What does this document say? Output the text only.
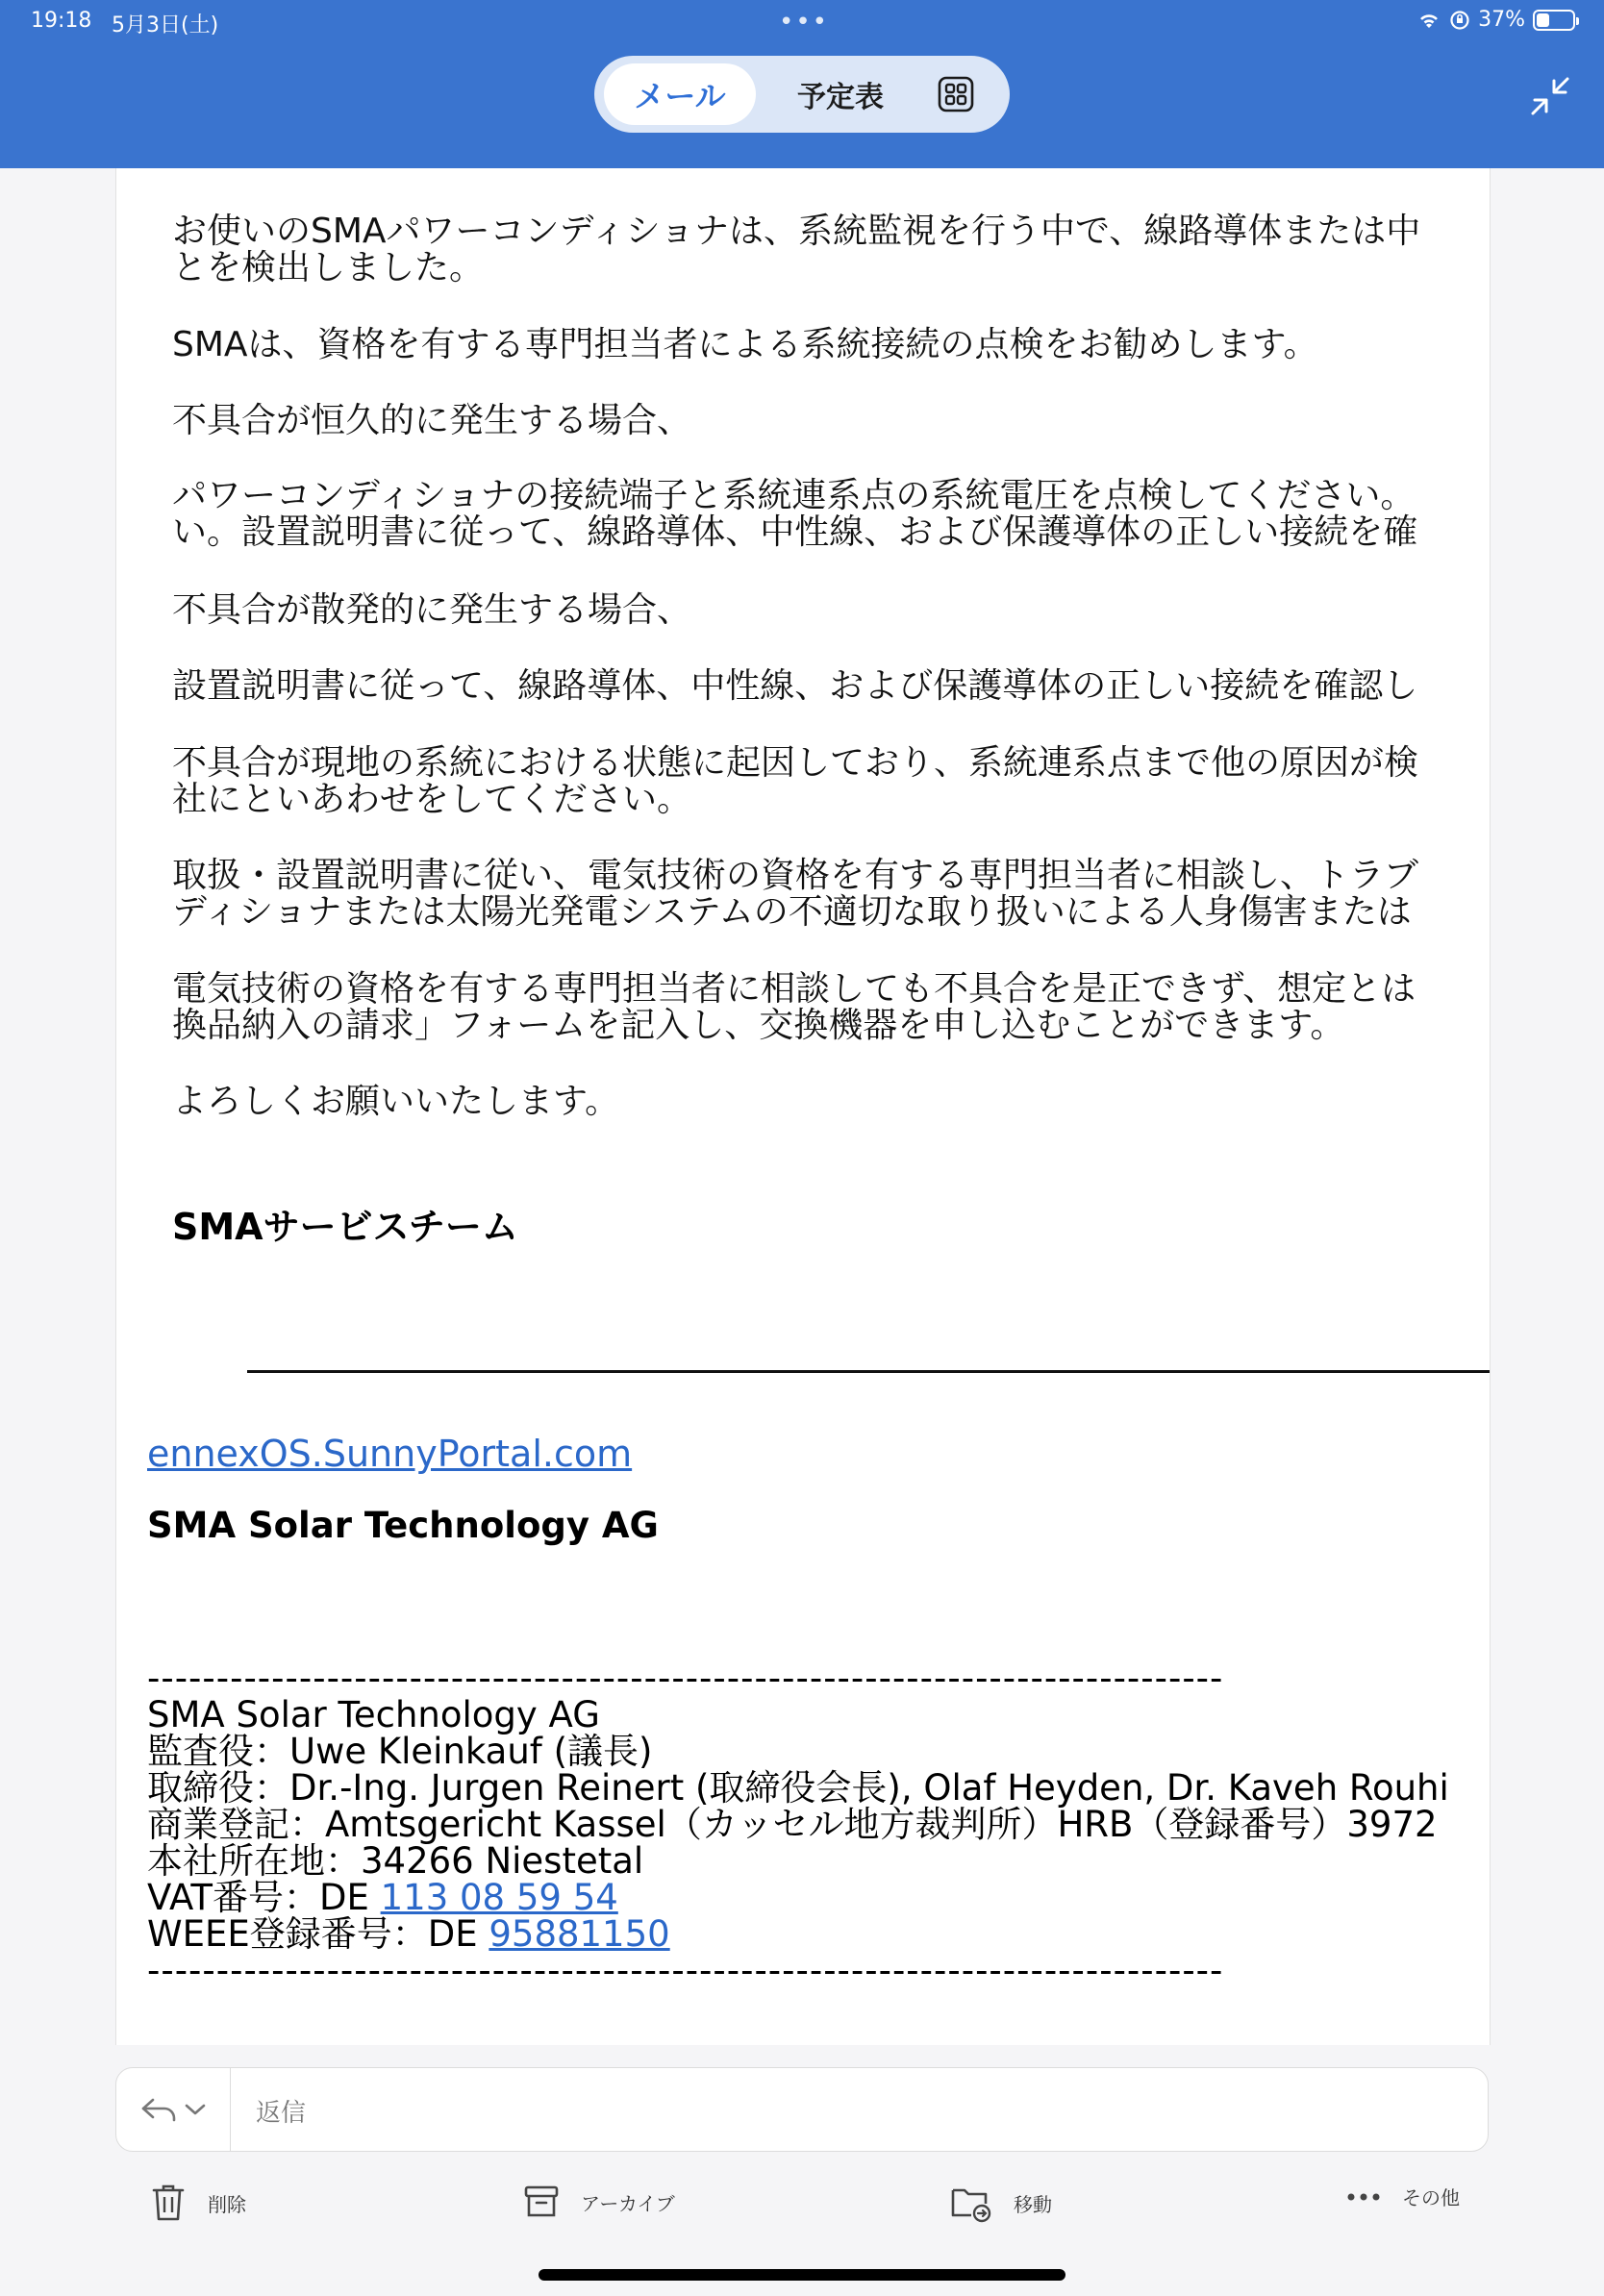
19:18 5月3日(土)	•••	37%
メール	予定表
お使いのSMAパワーコンディショナは、系統監視を行う中で、線路導体または中
とを検出しました。
SMAは、資格を有する専門担当者による系統接続の点検をお勧めします。
不具合が恒久的に発生する場合、
パワーコンディショナの接続端子と系統連系点の系統電圧を点検してください。
い。設置説明書に従って、線路導体、中性線、および保護導体の正しい接続を確
不具合が散発的に発生する場合、
設置説明書に従って、線路導体、中性線、および保護導体の正しい接続を確認し
不具合が現地の系統における状態に起因しており、系統連系点まで他の原因が検
社にといあわせをしてください。
取扱・設置説明書に従い、電気技術の資格を有する専門担当者に相談し、トラブ
ディショナまたは太陽光発電システムの不適切な取り扱いによる人身傷害または
電気技術の資格を有する専門担当者に相談しても不具合を是正できず、想定とは
換品納入の請求」フォームを記入し、交換機器を申し込むことができます。
よろしくお願いいたします。
SMAサービスチーム
ennexOS.SunnyPortal.com
SMA Solar Technology AG
------------------------------------------------------------------------------
SMA Solar Technology AG
監査役：Uwe Kleinkauf (議長)
取締役：Dr.-Ing. Jurgen Reinert (取締役会長), Olaf Heyden, Dr. Kaveh Rouhi
商業登記：Amtsgericht Kassel（カッセル地方裁判所）HRB（登録番号）3972
本社所在地：34266 Niestetal
VAT番号：DE 113 08 59 54
WEEE登録番号：DE 95881150
------------------------------------------------------------------------------
返信
削除	アーカイブ	移動	その他
